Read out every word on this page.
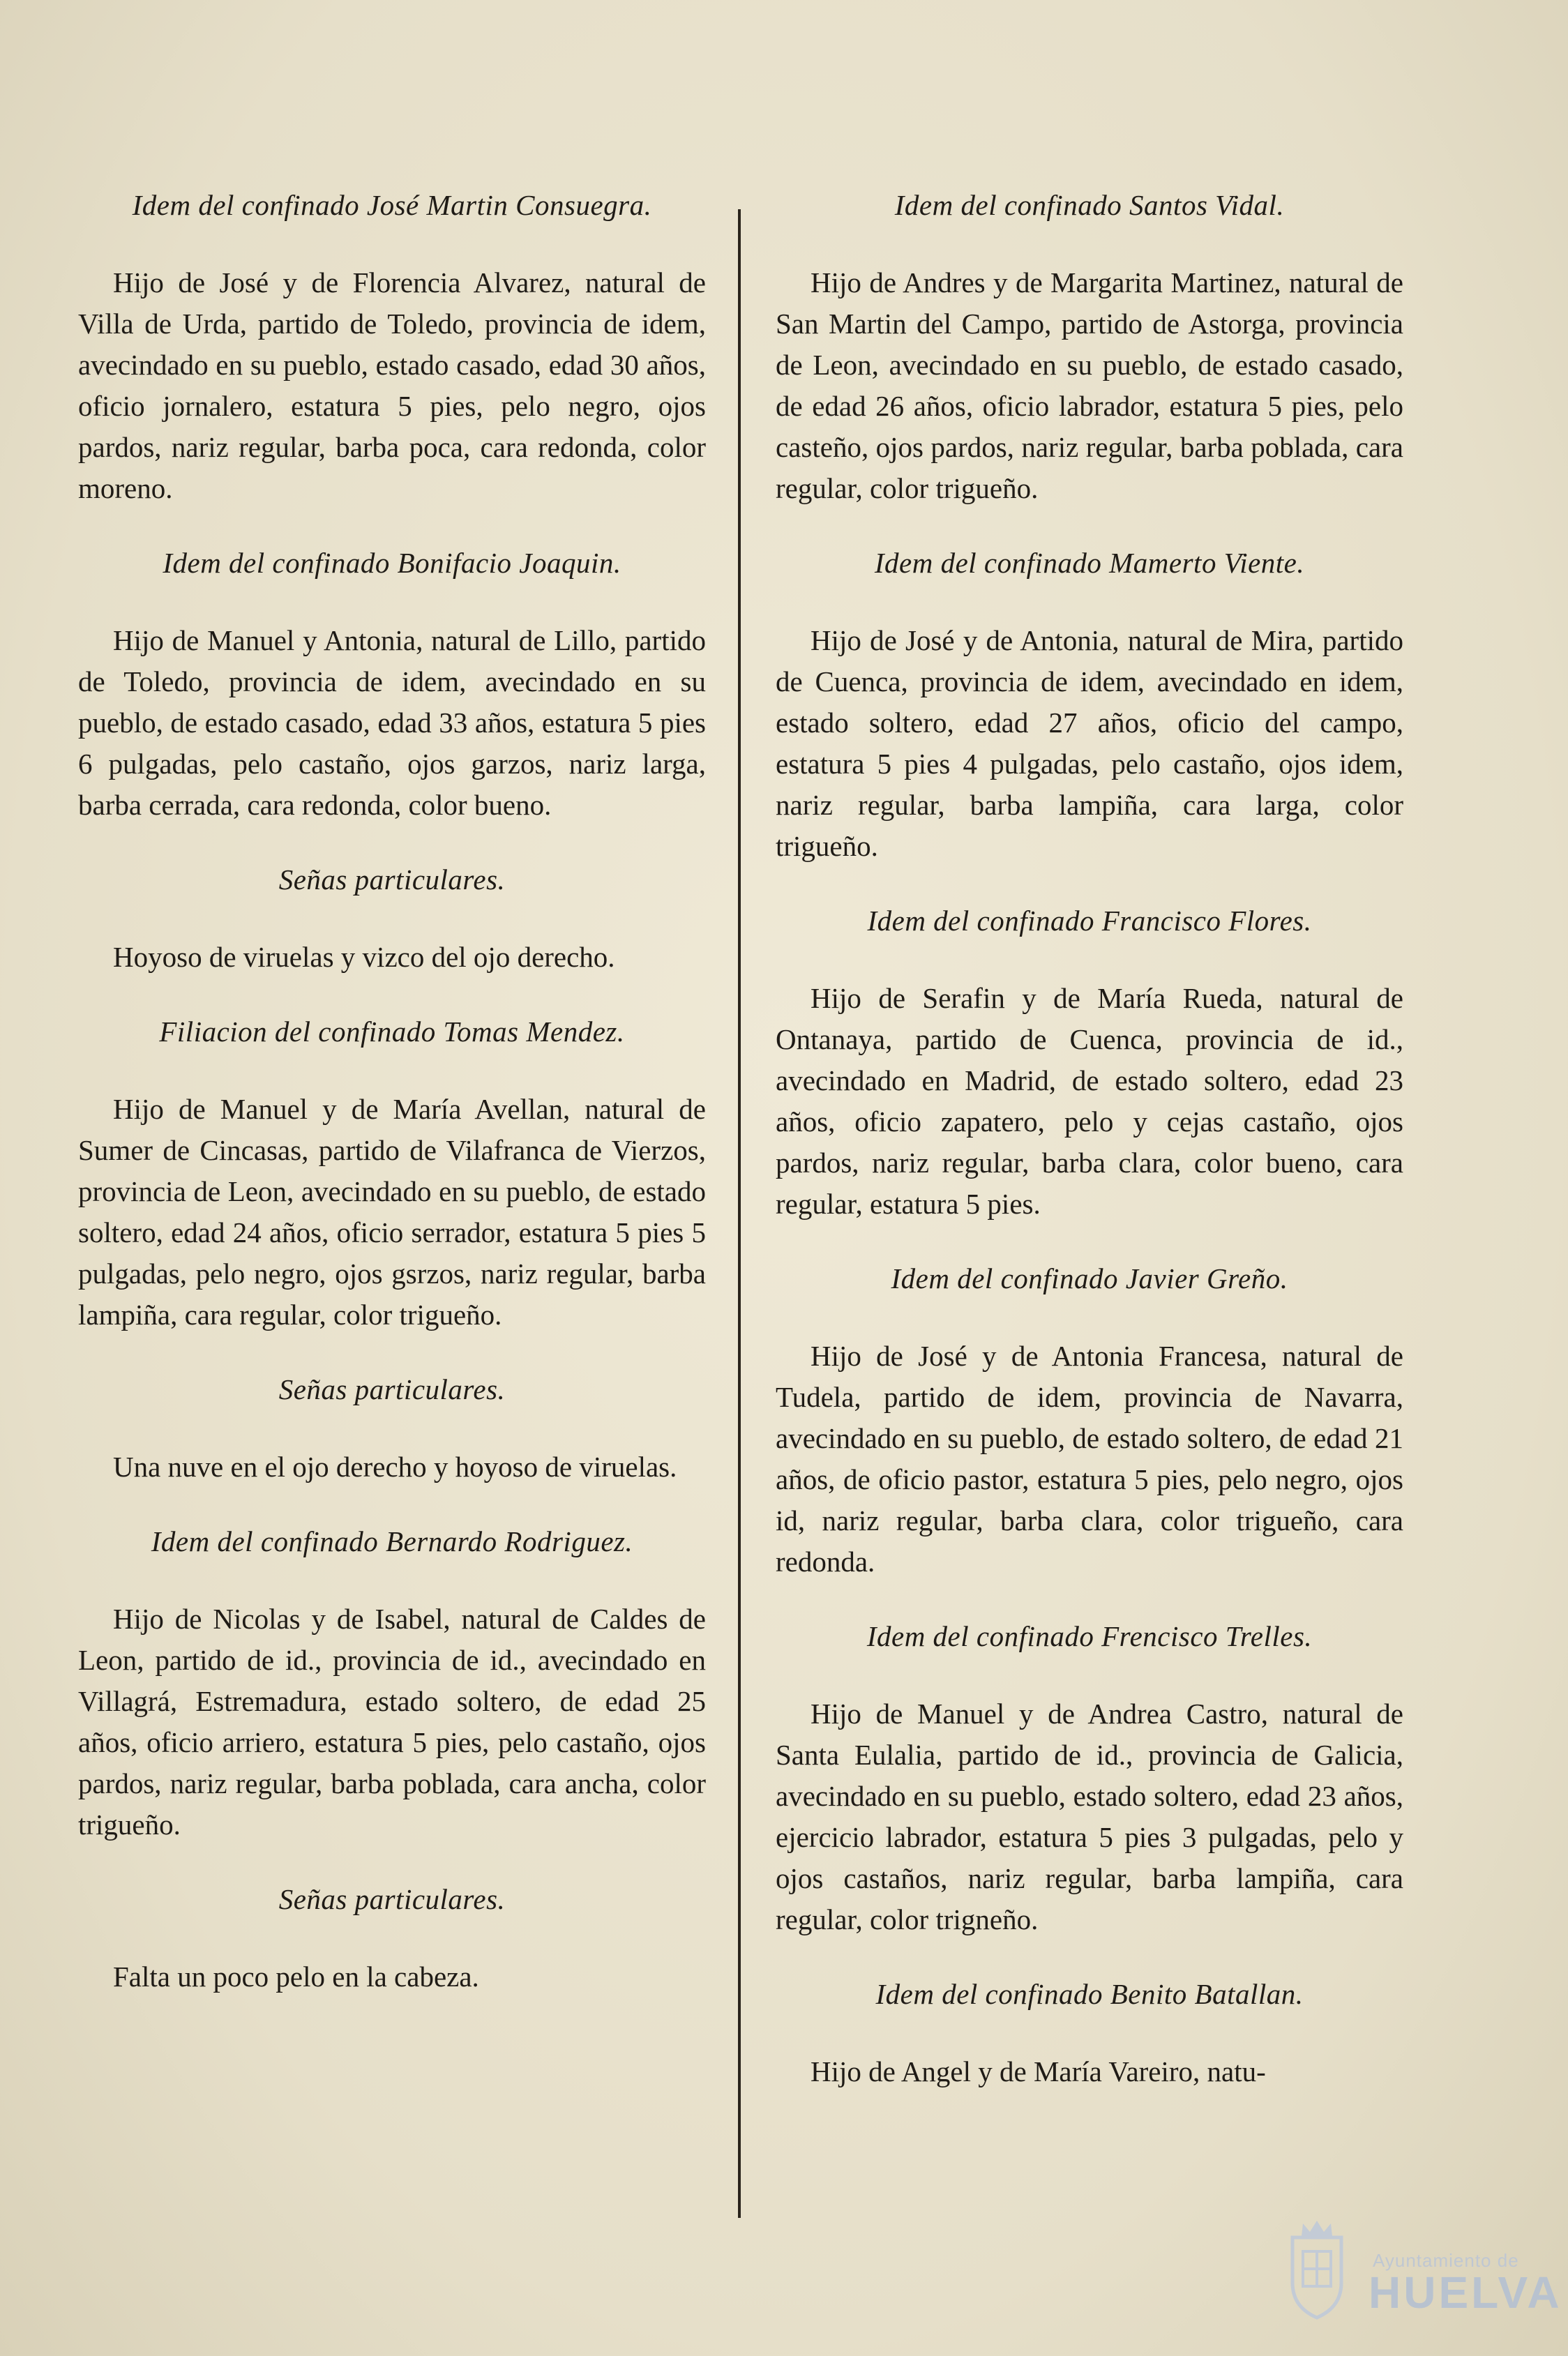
Idem del confinado José Martin Consuegra.

Hijo de José y de Florencia Alvarez, natural de Villa de Urda, partido de Toledo, provincia de idem, avecindado en su pueblo, estado casado, edad 30 años, oficio jornalero, estatura 5 pies, pelo negro, ojos pardos, nariz regular, barba poca, cara redonda, color moreno.

Idem del confinado Bonifacio Joaquin.

Hijo de Manuel y Antonia, natural de Lillo, partido de Toledo, provincia de idem, avecindado en su pueblo, de estado casado, edad 33 años, estatura 5 pies 6 pulgadas, pelo castaño, ojos garzos, nariz larga, barba cerrada, cara redonda, color bueno.

Señas particulares.

Hoyoso de viruelas y vizco del ojo derecho.

Filiacion del confinado Tomas Mendez.

Hijo de Manuel y de María Avellan, natural de Sumer de Cincasas, partido de Vilafranca de Vierzos, provincia de Leon, avecindado en su pueblo, de estado soltero, edad 24 años, oficio serrador, estatura 5 pies 5 pulgadas, pelo negro, ojos gsrzos, nariz regular, barba lampiña, cara regular, color trigueño.

Señas particulares.

Una nuve en el ojo derecho y hoyoso de viruelas.

Idem del confinado Bernardo Rodriguez.

Hijo de Nicolas y de Isabel, natural de Caldes de Leon, partido de id., provincia de id., avecindado en Villagrá, Estremadura, estado soltero, de edad 25 años, oficio arriero, estatura 5 pies, pelo castaño, ojos pardos, nariz regular, barba poblada, cara ancha, color trigueño.

Señas particulares.

Falta un poco pelo en la cabeza.

Idem del confinado Santos Vidal.

Hijo de Andres y de Margarita Martinez, natural de San Martin del Campo, partido de Astorga, provincia de Leon, avecindado en su pueblo, de estado casado, de edad 26 años, oficio labrador, estatura 5 pies, pelo casteño, ojos pardos, nariz regular, barba poblada, cara regular, color trigueño.

Idem del confinado Mamerto Viente.

Hijo de José y de Antonia, natural de Mira, partido de Cuenca, provincia de idem, avecindado en idem, estado soltero, edad 27 años, oficio del campo, estatura 5 pies 4 pulgadas, pelo castaño, ojos idem, nariz regular, barba lampiña, cara larga, color trigueño.

Idem del confinado Francisco Flores.

Hijo de Serafin y de María Rueda, natural de Ontanaya, partido de Cuenca, provincia de id., avecindado en Madrid, de estado soltero, edad 23 años, oficio zapatero, pelo y cejas castaño, ojos pardos, nariz regular, barba clara, color bueno, cara regular, estatura 5 pies.

Idem del confinado Javier Greño.

Hijo de José y de Antonia Francesa, natural de Tudela, partido de idem, provincia de Navarra, avecindado en su pueblo, de estado soltero, de edad 21 años, de oficio pastor, estatura 5 pies, pelo negro, ojos id, nariz regular, barba clara, color trigueño, cara redonda.

Idem del confinado Frencisco Trelles.

Hijo de Manuel y de Andrea Castro, natural de Santa Eulalia, partido de id., provincia de Galicia, avecindado en su pueblo, estado soltero, edad 23 años, ejercicio labrador, estatura 5 pies 3 pulgadas, pelo y ojos castaños, nariz regular, barba lampiña, cara regular, color trigneño.

Idem del confinado Benito Batallan.

Hijo de Angel y de María Vareiro, natu-

Ayuntamiento de
HUELVA
